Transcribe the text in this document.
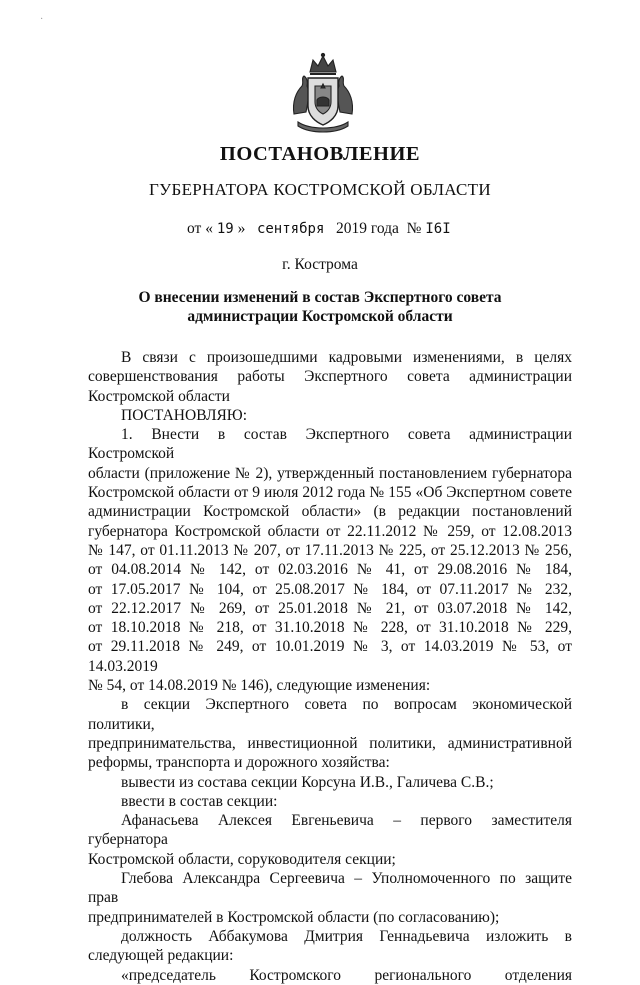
·
ПОСТАНОВЛЕНИЕ
ГУБЕРНАТОРА КОСТРОМСКОЙ ОБЛАСТИ
от « 19 » сентября 2019 года № I6I
г. Кострома
О внесении изменений в состав Экспертного совета
администрации Костромской области
В связи с произошедшими кадровыми изменениями, в целях
совершенствования работы Экспертного совета администрации
Костромской области
ПОСТАНОВЛЯЮ:
1. Внести в состав Экспертного совета администрации Костромской
области (приложение № 2), утвержденный постановлением губернатора
Костромской области от 9 июля 2012 года № 155 «Об Экспертном совете
администрации Костромской области» (в редакции постановлений
губернатора Костромской области от 22.11.2012 № 259, от 12.08.2013
№ 147, от 01.11.2013 № 207, от 17.11.2013 № 225, от 25.12.2013 № 256,
от 04.08.2014 № 142, от 02.03.2016 № 41, от 29.08.2016 № 184,
от 17.05.2017 № 104, от 25.08.2017 № 184, от 07.11.2017 № 232,
от 22.12.2017 № 269, от 25.01.2018 № 21, от 03.07.2018 № 142,
от 18.10.2018 № 218, от 31.10.2018 № 228, от 31.10.2018 № 229,
от 29.11.2018 № 249, от 10.01.2019 № 3, от 14.03.2019 № 53, от 14.03.2019
№ 54, от 14.08.2019 № 146), следующие изменения:
в секции Экспертного совета по вопросам экономической политики,
предпринимательства, инвестиционной политики, административной
реформы, транспорта и дорожного хозяйства:
вывести из состава секции Корсуна И.В., Галичева С.В.;
ввести в состав секции:
Афанасьева Алексея Евгеньевича – первого заместителя губернатора
Костромской области, соруководителя секции;
Глебова Александра Сергеевича – Уполномоченного по защите прав
предпринимателей в Костромской области (по согласованию);
должность Аббакумова Дмитрия Геннадьевича изложить в
следующей редакции:
«председатель Костромского регионального отделения
